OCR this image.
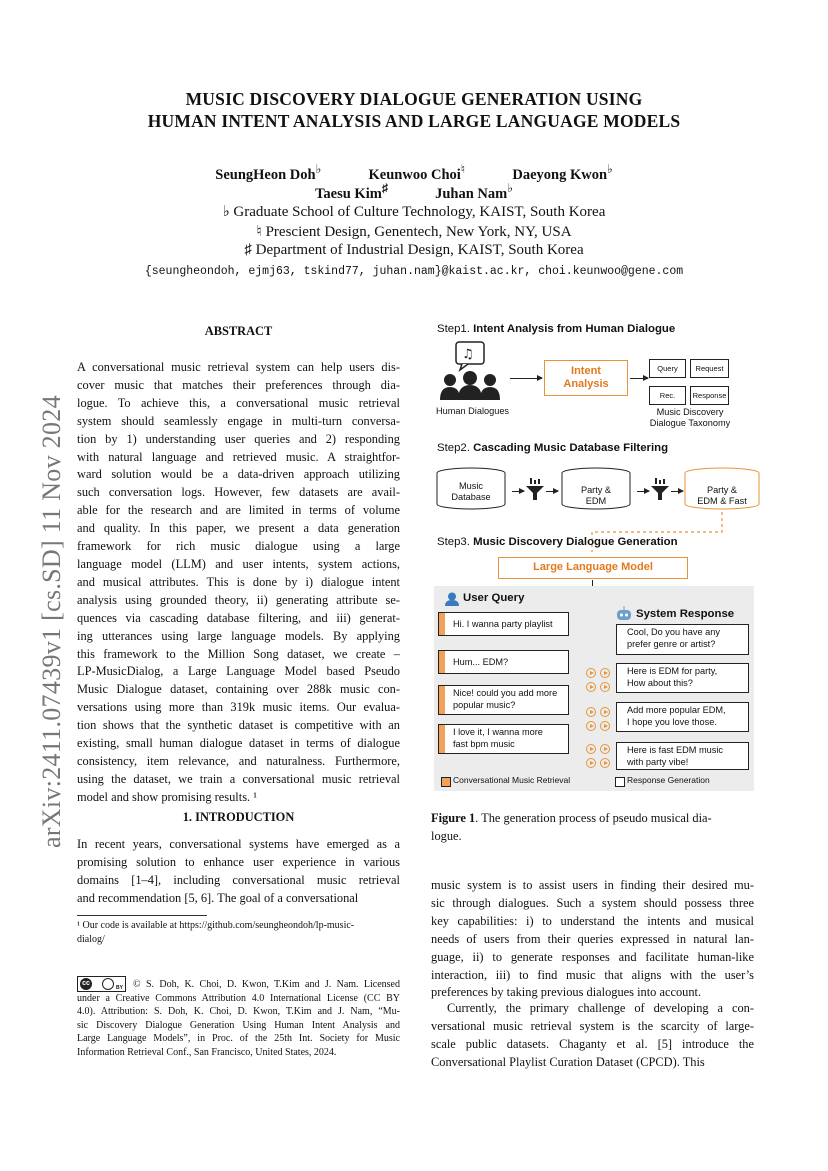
MUSIC DISCOVERY DIALOGUE GENERATION USING
HUMAN INTENT ANALYSIS AND LARGE LANGUAGE MODELS
SeungHeon Doh♭	Keunwoo Choi♮	Daeyong Kwon♭
Taesu Kim♯	Juhan Nam♭
♭ Graduate School of Culture Technology, KAIST, South Korea
♮ Prescient Design, Genentech, New York, NY, USA
♯ Department of Industrial Design, KAIST, South Korea
{seungheondoh, ejmj63, tskind77, juhan.nam}@kaist.ac.kr, choi.keunwoo@gene.com
arXiv:2411.07439v1 [cs.SD] 11 Nov 2024
ABSTRACT
A conversational music retrieval system can help users dis-
cover music that matches their preferences through dia-
logue. To achieve this, a conversational music retrieval
system should seamlessly engage in multi-turn conversa-
tion by 1) understanding user queries and 2) responding
with natural language and retrieved music. A straightfor-
ward solution would be a data-driven approach utilizing
such conversation logs. However, few datasets are avail-
able for the research and are limited in terms of volume
and quality. In this paper, we present a data generation
framework for rich music dialogue using a large
language model (LLM) and user intents, system actions,
and musical attributes. This is done by i) dialogue intent
analysis using grounded theory, ii) generating attribute se-
quences via cascading database filtering, and iii) generat-
ing utterances using large language models. By applying
this framework to the Million Song dataset, we create –
LP-MusicDialog, a Large Language Model based Pseudo
Music Dialogue dataset, containing over 288k music con-
versations using more than 319k music items. Our evalua-
tion shows that the synthetic dataset is competitive with an
existing, small human dialogue dataset in terms of dialogue
consistency, item relevance, and naturalness. Furthermore,
using the dataset, we train a conversational music retrieval
model and show promising results. ¹
1. INTRODUCTION
In recent years, conversational systems have emerged as a
promising solution to enhance user experience in various
domains [1–4], including conversational music retrieval
and recommendation [5, 6]. The goal of a conversational
¹ Our code is available at https://github.com/seungheondoh/lp-music-
dialog/
cc
BY	© S. Doh, K. Choi, D. Kwon, T.Kim and J. Nam. Licensed
under a Creative Commons Attribution 4.0 International License (CC BY
4.0). Attribution: S. Doh, K. Choi, D. Kwon, T.Kim and J. Nam, “Mu-
sic Discovery Dialogue Generation Using Human Intent Analysis and
Large Language Models”, in Proc. of the 25th Int. Society for Music
Information Retrieval Conf., San Francisco, United States, 2024.
Step1. Intent Analysis from Human Dialogue
♫
Human Dialogues
Intent Analysis
Query	Request
Rec.	Response
Music Discovery
Dialogue Taxonomy
Step2. Cascading Music Database Filtering
Music
Database
Party &
EDM
Party &
EDM & Fast
Step3. Music Discovery Dialogue Generation
Large Language Model
User Query
System Response
Hi. I wanna party playlist
Hum... EDM?
Nice! could you add more
popular music?
I love it, I wanna more
fast bpm music
Cool, Do you have any
prefer genre or artist?
Here is EDM for party,
How about this?
Add more popular EDM,
I hope you love those.
Here is fast EDM music
with party vibe!
Conversational Music Retrieval	Response Generation
Figure 1. The generation process of pseudo musical dia-
logue.
music system is to assist users in finding their desired mu-
sic through dialogues. Such a system should possess three
key capabilities: i) to understand the intents and musical
needs of users from their queries expressed in natural lan-
guage, ii) to generate responses and facilitate human-like
interaction, iii) to find music that aligns with the user’s
preferences by taking previous dialogues into account.
Currently, the primary challenge of developing a con-
versational music retrieval system is the scarcity of large-
scale public datasets. Chaganty et al. [5] introduce the
Conversational Playlist Curation Dataset (CPCD). This
